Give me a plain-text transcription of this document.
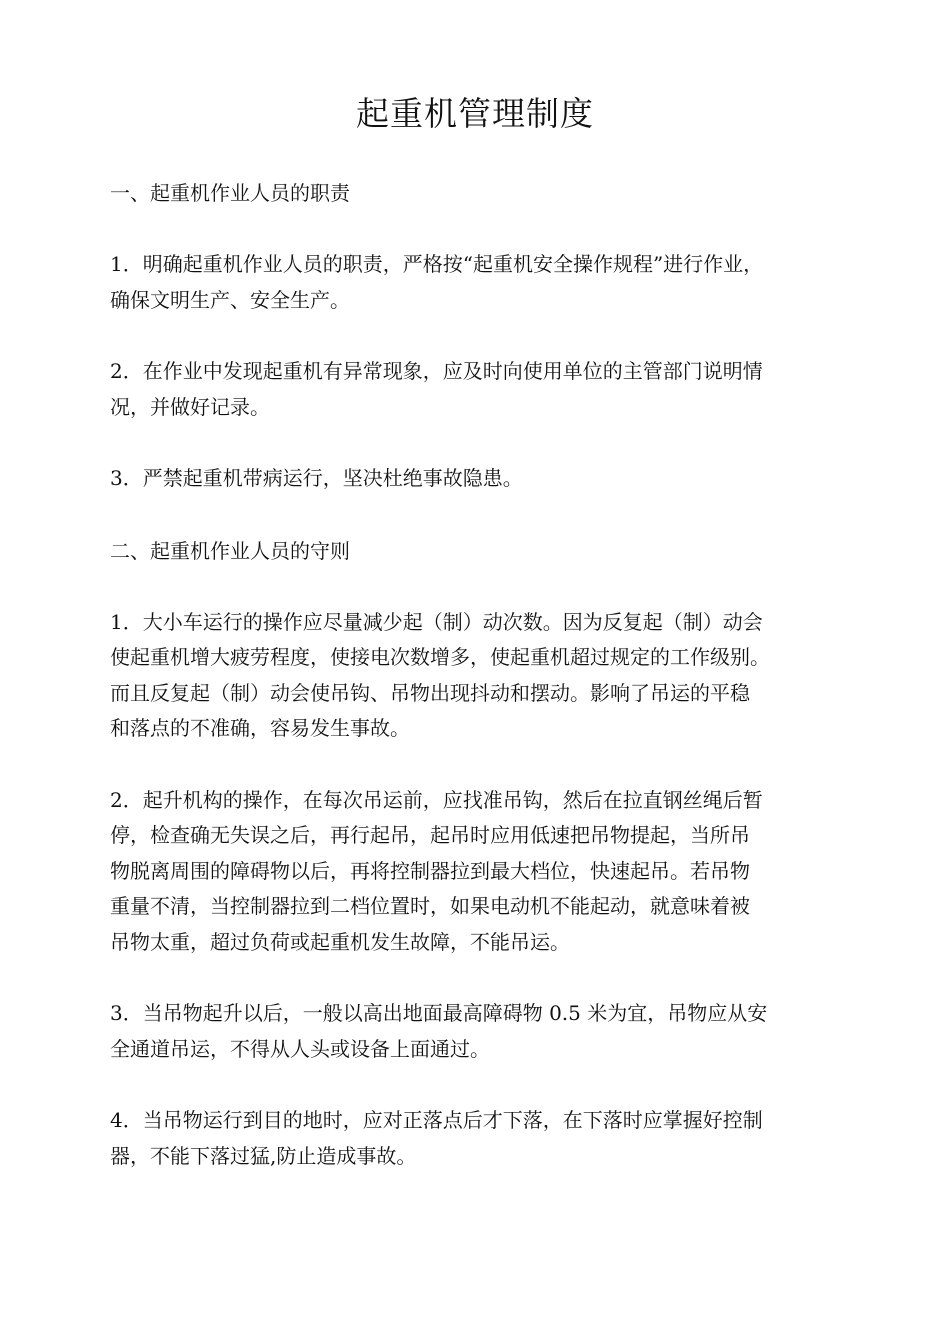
起重机管理制度

一、起重机作业人员的职责

1．明确起重机作业人员的职责，严格按“起重机安全操作规程”进行作业，
确保文明生产、安全生产。

2．在作业中发现起重机有异常现象，应及时向使用单位的主管部门说明情
况，并做好记录。

3．严禁起重机带病运行，坚决杜绝事故隐患。

二、起重机作业人员的守则

1．大小车运行的操作应尽量减少起（制）动次数。因为反复起（制）动会
使起重机增大疲劳程度，使接电次数增多，使起重机超过规定的工作级别。
而且反复起（制）动会使吊钩、吊物出现抖动和摆动。影响了吊运的平稳
和落点的不准确，容易发生事故。

2．起升机构的操作，在每次吊运前，应找准吊钩，然后在拉直钢丝绳后暂
停，检查确无失误之后，再行起吊，起吊时应用低速把吊物提起，当所吊
物脱离周围的障碍物以后，再将控制器拉到最大档位，快速起吊。若吊物
重量不清，当控制器拉到二档位置时，如果电动机不能起动，就意味着被
吊物太重，超过负荷或起重机发生故障，不能吊运。

3．当吊物起升以后，一般以高出地面最高障碍物 0.5 米为宜，吊物应从安
全通道吊运，不得从人头或设备上面通过。

4．当吊物运行到目的地时，应对正落点后才下落，在下落时应掌握好控制
器，不能下落过猛,防止造成事故。
